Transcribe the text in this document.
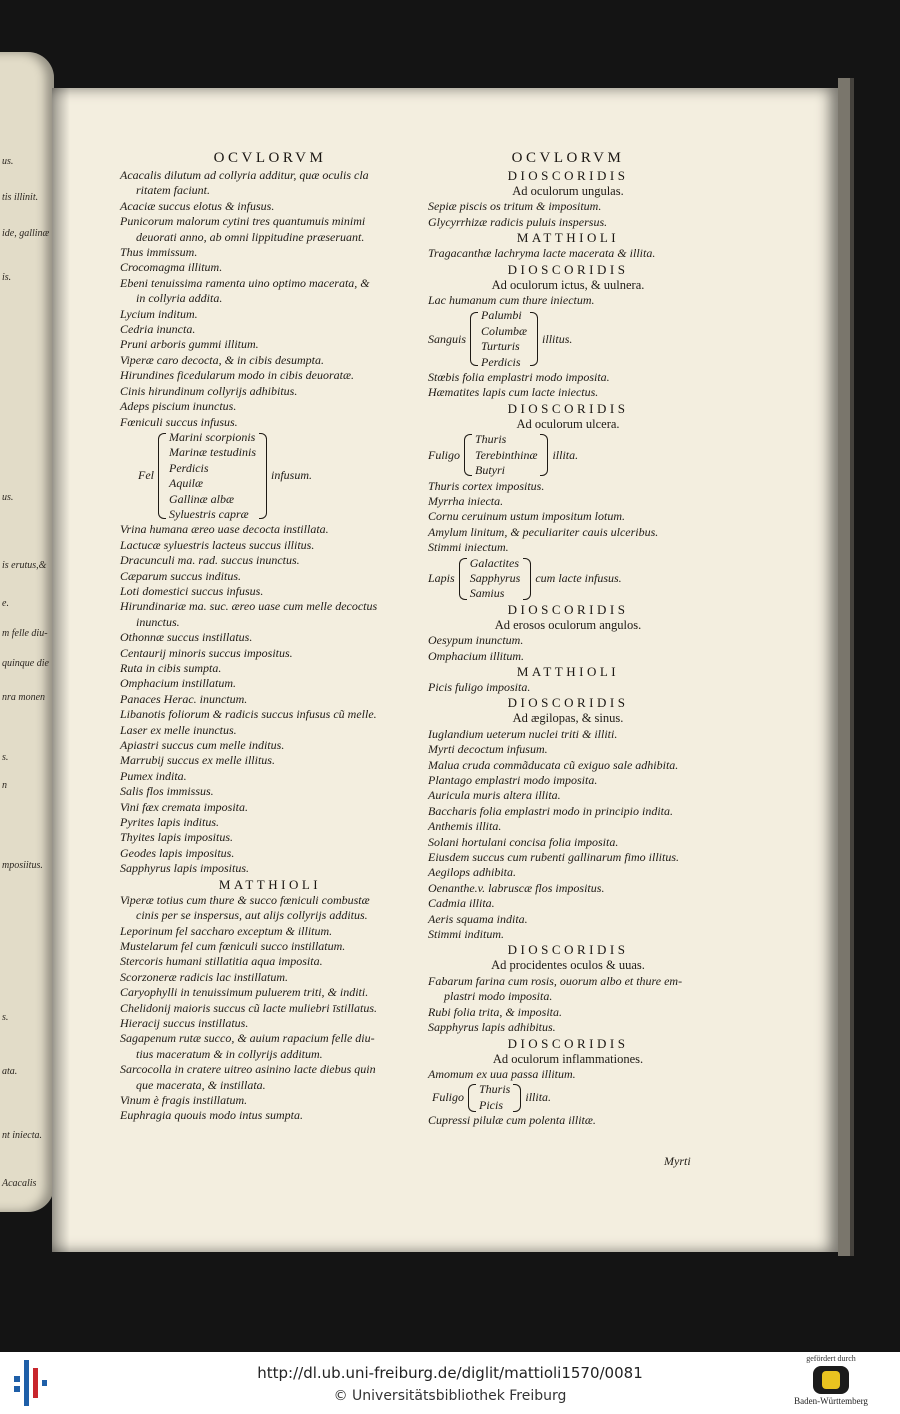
us.
tis illinit.
ide, gallinæ
is.
us.
is erutus,&
e.
m felle diu-
quinque die
nra monen
s.
n
mposiitus.
s.
ata.
nt iniecta.
Acacalis
OCVLORVM
Acacalis dilutum ad collyria additur, quæ oculis cla
ritatem faciunt.
Acaciæ succus elotus & infusus.
Punicorum malorum cytini tres quantumuis minimi
deuorati anno, ab omni lippitudine præseruant.
Thus immissum.
Crocomagma illitum.
Ebeni tenuissima ramenta uino optimo macerata, &
in collyria addita.
Lycium inditum.
Cedria inuncta.
Pruni arboris gummi illitum.
Viperæ caro decocta, & in cibis desumpta.
Hirundines ficedularum modo in cibis deuoratæ.
Cinis hirundinum collyrijs adhibitus.
Adeps piscium inunctus.
Fœniculi succus infusus.
Fel
Marini scorpionis
Marinæ testudinis
Perdicis
Aquilæ
Gallinæ albæ
Syluestris capræ
infusum.
Vrina humana æreo uase decocta instillata.
Lactucæ syluestris lacteus succus illitus.
Dracunculi ma. rad. succus inunctus.
Cæparum succus inditus.
Loti domestici succus infusus.
Hirundinariæ ma. suc. æreo uase cum melle decoctus
inunctus.
Othonnæ succus instillatus.
Centaurij minoris succus impositus.
Ruta in cibis sumpta.
Omphacium instillatum.
Panaces Herac. inunctum.
Libanotis foliorum & radicis succus infusus cũ melle.
Laser ex melle inunctus.
Apiastri succus cum melle inditus.
Marrubij succus ex melle illitus.
Pumex indita.
Salis flos immissus.
Vini fæx cremata imposita.
Pyrites lapis inditus.
Thyites lapis impositus.
Geodes lapis impositus.
Sapphyrus lapis impositus.
MATTHIOLI
Viperæ totius cum thure & succo fœniculi combustæ
cinis per se inspersus, aut alijs collyrijs additus.
Leporinum fel saccharo exceptum & illitum.
Mustelarum fel cum fœniculi succo instillatum.
Stercoris humani stillatitia aqua imposita.
Scorzoneræ radicis lac instillatum.
Caryophylli in tenuissimum puluerem triti, & inditi.
Chelidonij maioris succus cũ lacte muliebri īstillatus.
Hieracij succus instillatus.
Sagapenum rutæ succo, & auium rapacium felle diu-
tius maceratum & in collyrijs additum.
Sarcocolla in cratere uitreo asinino lacte diebus quin
que macerata, & instillata.
Vinum è fragis instillatum.
Euphragia quouis modo intus sumpta.
OCVLORVM
DIOSCORIDIS
Ad oculorum ungulas.
Sepiæ piscis os tritum & impositum.
Glycyrrhizæ radicis puluis inspersus.
MATTHIOLI
Tragacanthæ lachryma lacte macerata & illita.
DIOSCORIDIS
Ad oculorum ictus, & uulnera.
Lac humanum cum thure iniectum.
Sanguis
Palumbi
Columbæ
Turturis
Perdicis
illitus.
Stœbis folia emplastri modo imposita.
Hæmatites lapis cum lacte iniectus.
DIOSCORIDIS
Ad oculorum ulcera.
Fuligo
Thuris
Terebinthinæ
Butyri
illita.
Thuris cortex impositus.
Myrrha iniecta.
Cornu ceruinum ustum impositum lotum.
Amylum linitum, & peculiariter cauis ulceribus.
Stimmi iniectum.
Lapis
Galactites
Sapphyrus
Samius
cum lacte infusus.
DIOSCORIDIS
Ad erosos oculorum angulos.
Oesypum inunctum.
Omphacium illitum.
MATTHIOLI
Picis fuligo imposita.
DIOSCORIDIS
Ad ægilopas, & sinus.
Iuglandium ueterum nuclei triti & illiti.
Myrti decoctum infusum.
Malua cruda commãducata cũ exiguo sale adhibita.
Plantago emplastri modo imposita.
Auricula muris altera illita.
Baccharis folia emplastri modo in principio indita.
Anthemis illita.
Solani hortulani concisa folia imposita.
Eiusdem succus cum rubenti gallinarum fimo illitus.
Aegilops adhibita.
Oenanthe.v. labruscæ flos impositus.
Cadmia illita.
Aeris squama indita.
Stimmi inditum.
DIOSCORIDIS
Ad procidentes oculos & uuas.
Fabarum farina cum rosis, ouorum albo et thure em-
plastri modo imposita.
Rubi folia trita, & imposita.
Sapphyrus lapis adhibitus.
DIOSCORIDIS
Ad oculorum inflammationes.
Amomum ex uua passa illitum.
Fuligo
Thuris
Picis
illita.
Cupressi pilulæ cum polenta illitæ.
Myrti
http://dl.ub.uni-freiburg.de/diglit/mattioli1570/0081
© Universitätsbibliothek Freiburg
gefördert durch
Baden-Württemberg
